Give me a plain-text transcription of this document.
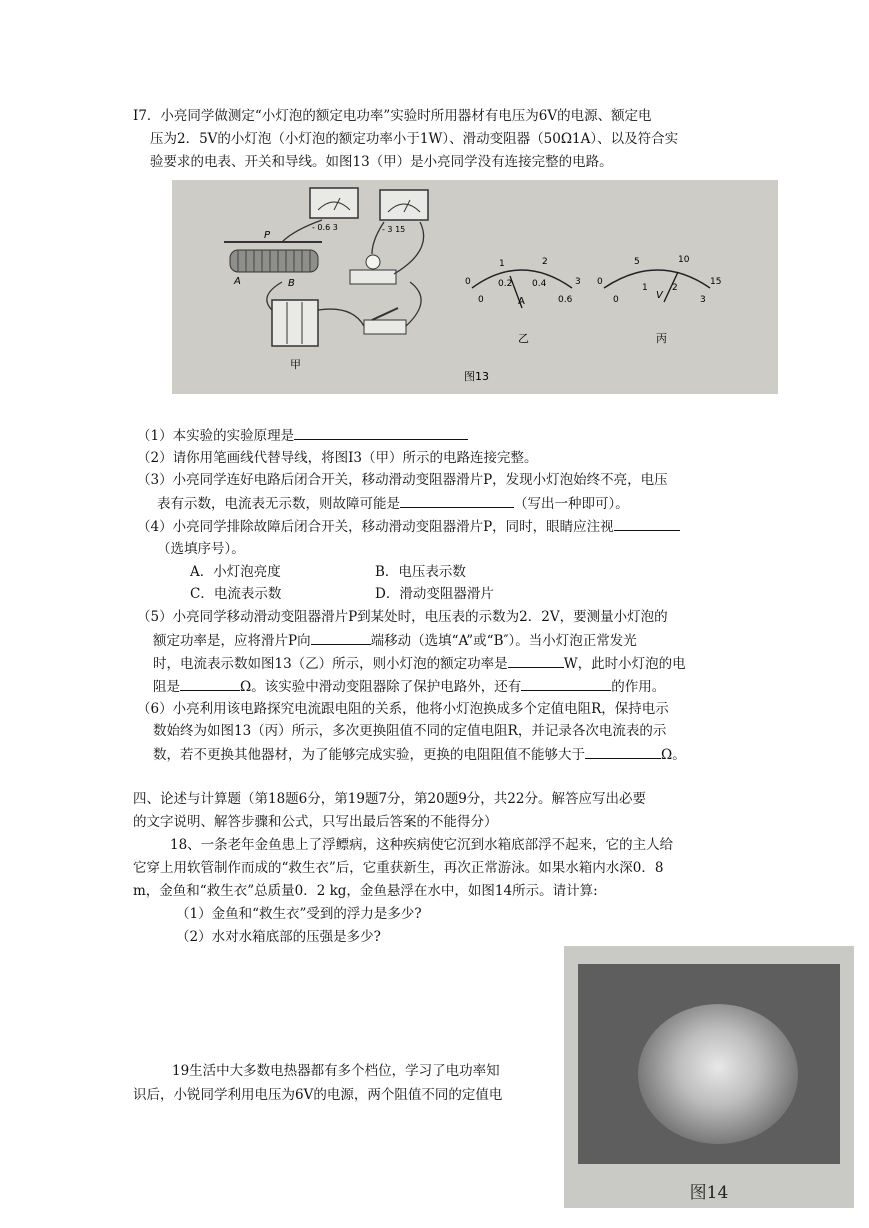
I7．小亮同学做测定“小灯泡的额定电功率”实验时所用器材有电压为6V的电源、额定电
压为2．5V的小灯泡（小灯泡的额定功率小于1W）、滑动变阻器（50Ω1A）、以及符合实
验要求的电表、开关和导线。如图13（甲）是小亮同学没有连接完整的电路。
- 0.6 3	- 3 15
A	B
P
甲
0
1	2
3
0
0.2 0.4
0.6
A
乙
0
5	10
15
0
1	2
3
V
丙
图13
（1）本实验的实验原理是
（2）请你用笔画线代替导线，将图I3（甲）所示的电路连接完整。
（3）小亮同学连好电路后闭合开关，移动滑动变阻器滑片P，发现小灯泡始终不亮，电压
表有示数，电流表无示数，则故障可能是	（写出一种即可）。
（4）小亮同学排除故障后闭合开关，移动滑动变阻器滑片P，同时，眼睛应注视
（选填序号）。
A．小灯泡亮度	B．电压表示数
C．电流表示数	D．滑动变阻器滑片
（5）小亮同学移动滑动变阻器滑片P到某处时，电压表的示数为2．2V，要测量小灯泡的
额定功率是，应将滑片P向	端移动（选填“A”或“B″）。当小灯泡正常发光
时，电流表示数如图13（乙）所示，则小灯泡的额定功率是	W，此时小灯泡的电
阻是	Ω。该实验中滑动变阻器除了保护电路外，还有	的作用。
（6）小亮利用该电路探究电流跟电阻的关系，他将小灯泡换成多个定值电阻R，保持电示
数始终为如图13（丙）所示，多次更换阻值不同的定值电阻R，并记录各次电流表的示
数，若不更换其他器材，为了能够完成实验，更换的电阻阻值不能够大于	Ω。
四、论述与计算题（第18题6分，第19题7分，第20题9分，共22分。解答应写出必要
的文字说明、解答步骤和公式，只写出最后答案的不能得分）
18、一条老年金鱼患上了浮鳔病，这种疾病使它沉到水箱底部浮不起来，它的主人给
它穿上用软管制作而成的“救生衣”后，它重获新生，再次正常游泳。如果水箱内水深0．8
m，金鱼和“救生衣”总质量0．2 kg，金鱼悬浮在水中，如图14所示。请计算:
（1）金鱼和“救生衣”受到的浮力是多少?
（2）水对水箱底部的压强是多少?
19生活中大多数电热器都有多个档位，学习了电功率知
识后，小锐同学利用电压为6V的电源，两个阻值不同的定值电
图14
